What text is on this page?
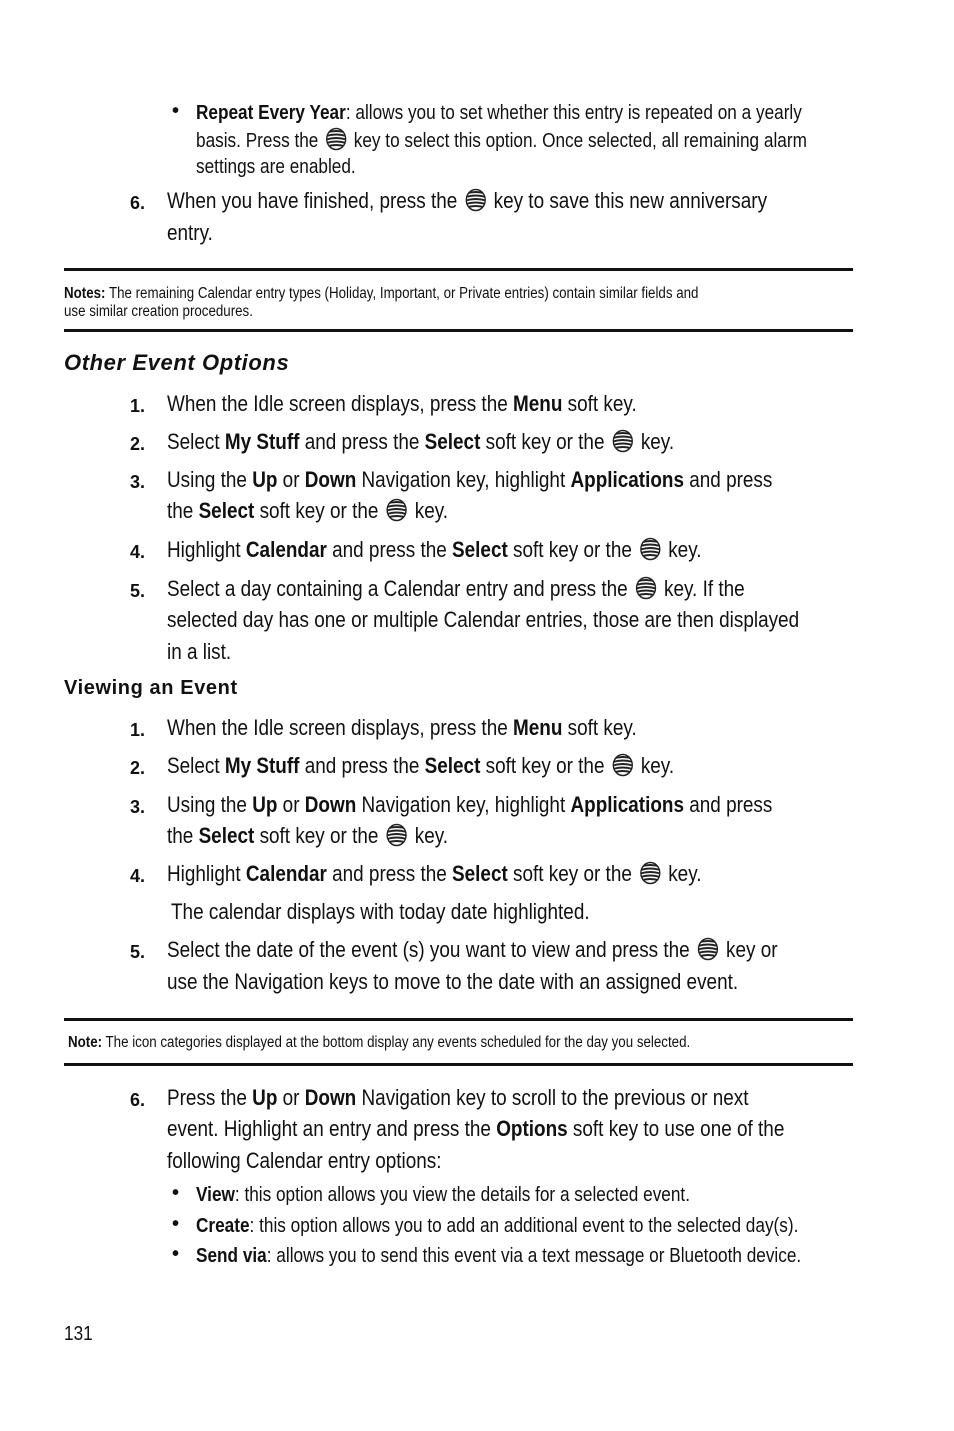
• Repeat Every Year: allows you to set whether this entry is repeated on a yearly
basis. Press the key to select this option. Once selected, all remaining alarm
settings are enabled.
6. When you have finished, press the key to save this new anniversary
entry.
Notes: The remaining Calendar entry types (Holiday, Important, or Private entries) contain similar fields and
use similar creation procedures.
Other Event Options
1. When the Idle screen displays, press the Menu soft key.
2. Select My Stuff and press the Select soft key or the key.
3. Using the Up or Down Navigation key, highlight Applications and press
the Select soft key or the key.
4. Highlight Calendar and press the Select soft key or the key.
5. Select a day containing a Calendar entry and press the key. If the
selected day has one or multiple Calendar entries, those are then displayed
in a list.
Viewing an Event
1. When the Idle screen displays, press the Menu soft key.
2. Select My Stuff and press the Select soft key or the key.
3. Using the Up or Down Navigation key, highlight Applications and press
the Select soft key or the key.
4. Highlight Calendar and press the Select soft key or the key.
The calendar displays with today date highlighted.
5. Select the date of the event (s) you want to view and press the key or
use the Navigation keys to move to the date with an assigned event.
Note: The icon categories displayed at the bottom display any events scheduled for the day you selected.
6. Press the Up or Down Navigation key to scroll to the previous or next
event. Highlight an entry and press the Options soft key to use one of the
following Calendar entry options:
• View: this option allows you view the details for a selected event.
• Create: this option allows you to add an additional event to the selected day(s).
• Send via: allows you to send this event via a text message or Bluetooth device.
131
